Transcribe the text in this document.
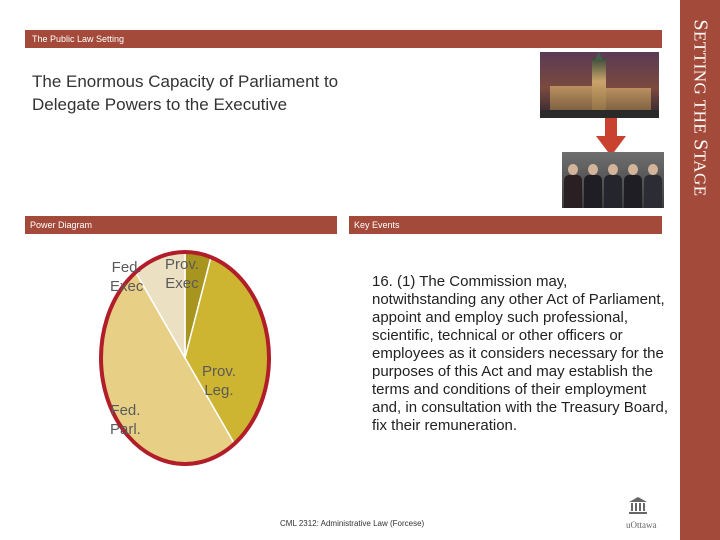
SETTING THE STAGE
The Public Law Setting
The Enormous Capacity of Parliament to
Delegate Powers to the Executive
Power Diagram	Key Events
Fed.
Exec
Prov.
Exec
Prov.
Leg.
Fed.
Parl.
16. (1) The Commission may, notwithstanding any other Act of Parliament, appoint and employ such professional, scientific, technical or other officers or employees as it considers necessary for the purposes of this Act and may establish the terms and conditions of their employment and, in consultation with the Treasury Board, fix their remuneration.
CML 2312: Administrative Law (Forcese)	uOttawa
